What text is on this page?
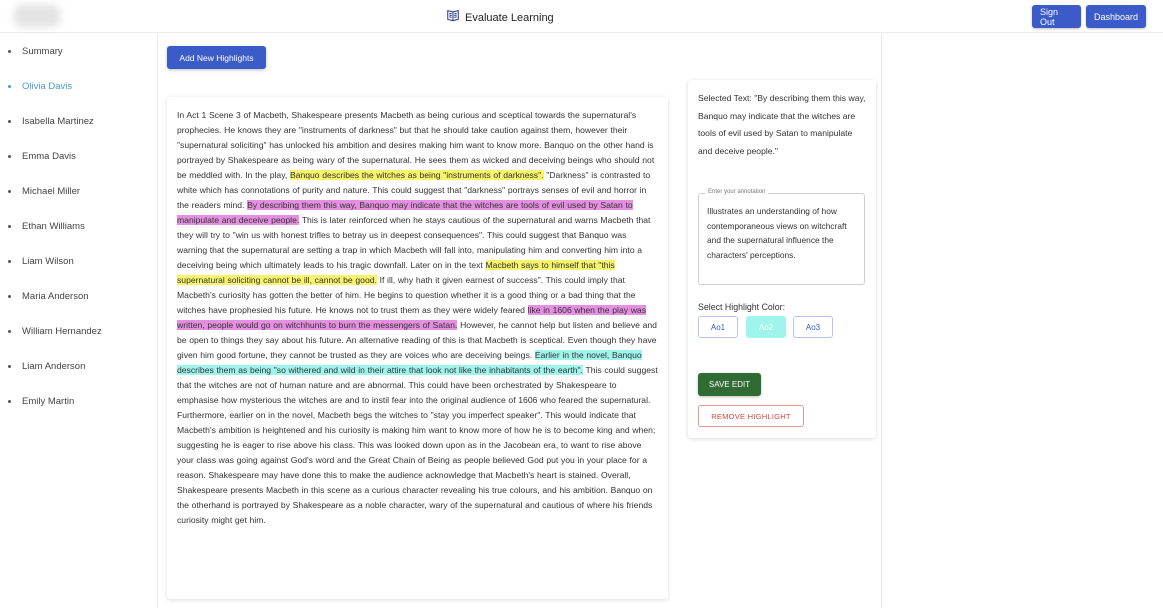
Evaluate Learning	Sign Out	Dashboard
Summary
Olivia Davis
Isabella Martinez
Emma Davis
Michael Miller
Ethan Williams
Liam Wilson
Maria Anderson
William Hernandez
Liam Anderson
Emily Martin
Add New Highlights

In Act 1 Scene 3 of Macbeth, Shakespeare presents Macbeth as being curious and sceptical towards the supernatural's prophecies. He knows they are "instruments of darkness" but that he should take caution against them, however their "supernatural soliciting" has unlocked his ambition and desires making him want to know more. Banquo on the other hand is portrayed by Shakespeare as being wary of the supernatural. He sees them as wicked and deceiving beings who should not be meddled with. In the play, Banquo describes the witches as being "instruments of darkness". "Darkness" is contrasted to white which has connotations of purity and nature. This could suggest that "darkness" portrays senses of evil and horror in the readers mind. By describing them this way, Banquo may indicate that the witches are tools of evil used by Satan to manipulate and deceive people. This is later reinforced when he stays cautious of the supernatural and warns Macbeth that they will try to "win us with honest trifles to betray us in deepest consequences". This could suggest that Banquo was warning that the supernatural are setting a trap in which Macbeth will fall into, manipulating him and converting him into a deceiving being which ultimately leads to his tragic downfall. Later on in the text Macbeth says to himself that "this supernatural soliciting cannot be ill, cannot be good. If ill, why hath it given earnest of success". This could imply that Macbeth's curiosity has gotten the better of him. He begins to question whether it is a good thing or a bad thing that the witches have prophesied his future. He knows not to trust them as they were widely feared like in 1606 when the play was written, people would go on witchhunts to burn the messengers of Satan. However, he cannot help but listen and believe and be open to things they say about his future. An alternative reading of this is that Macbeth is sceptical. Even though they have given him good fortune, they cannot be trusted as they are voices who are deceiving beings. Earlier in the novel, Banquo describes them as being "so withered and wild in their attire that look not like the inhabitants of the earth". This could suggest that the witches are not of human nature and are abnormal. This could have been orchestrated by Shakespeare to emphasise how mysterious the witches are and to instil fear into the original audience of 1606 who feared the supernatural. Furthermore, earlier on in the novel, Macbeth begs the witches to "stay you imperfect speaker". This would indicate that Macbeth's ambition is heightened and his curiosity is making him want to know more of how he is to become king and when; suggesting he is eager to rise above his class. This was looked down upon as in the Jacobean era, to want to rise above your class was going against God's word and the Great Chain of Being as people believed God put you in your place for a reason. Shakespeare may have done this to make the audience acknowledge that Macbeth's heart is stained. Overall, Shakespeare presents Macbeth in this scene as a curious character revealing his true colours, and his ambition. Banquo on the otherhand is portrayed by Shakespeare as a noble character, wary of the supernatural and cautious of where his friends curiosity might get him.

Selected Text: "By describing them this way, Banquo may indicate that the witches are tools of evil used by Satan to manipulate and deceive people."
Enter your annotation
Illustrates an understanding of how contemporaneous views on witchcraft and the supernatural influence the characters' perceptions.
Select Highlight Color:
Ao1	Ao2	Ao3
SAVE EDIT
REMOVE HIGHLIGHT
